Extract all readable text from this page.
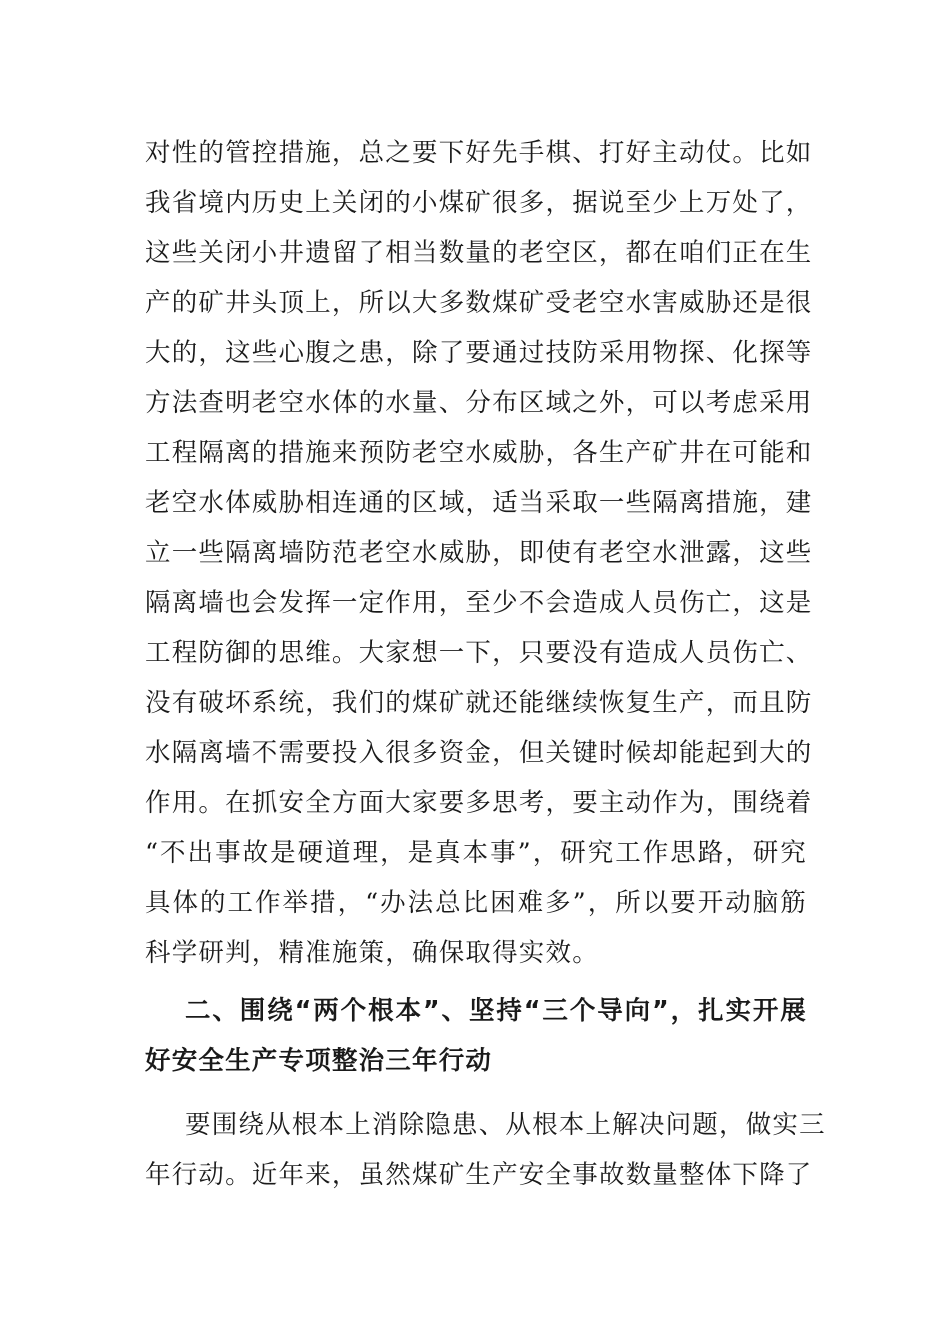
对性的管控措施，总之要下好先手棋、打好主动仗。比如
我省境内历史上关闭的小煤矿很多，据说至少上万处了，
这些关闭小井遗留了相当数量的老空区，都在咱们正在生
产的矿井头顶上，所以大多数煤矿受老空水害威胁还是很
大的，这些心腹之患，除了要通过技防采用物探、化探等
方法查明老空水体的水量、分布区域之外，可以考虑采用
工程隔离的措施来预防老空水威胁，各生产矿井在可能和
老空水体威胁相连通的区域，适当采取一些隔离措施，建
立一些隔离墙防范老空水威胁，即使有老空水泄露，这些
隔离墙也会发挥一定作用，至少不会造成人员伤亡，这是
工程防御的思维。大家想一下，只要没有造成人员伤亡、
没有破坏系统，我们的煤矿就还能继续恢复生产，而且防
水隔离墙不需要投入很多资金，但关键时候却能起到大的
作用。在抓安全方面大家要多思考，要主动作为，围绕着
“不出事故是硬道理，是真本事”，研究工作思路，研究
具体的工作举措，“办法总比困难多”，所以要开动脑筋
科学研判，精准施策，确保取得实效。
二、围绕“两个根本”、坚持“三个导向”，扎实开展
好安全生产专项整治三年行动
要围绕从根本上消除隐患、从根本上解决问题，做实三
年行动。近年来，虽然煤矿生产安全事故数量整体下降了
